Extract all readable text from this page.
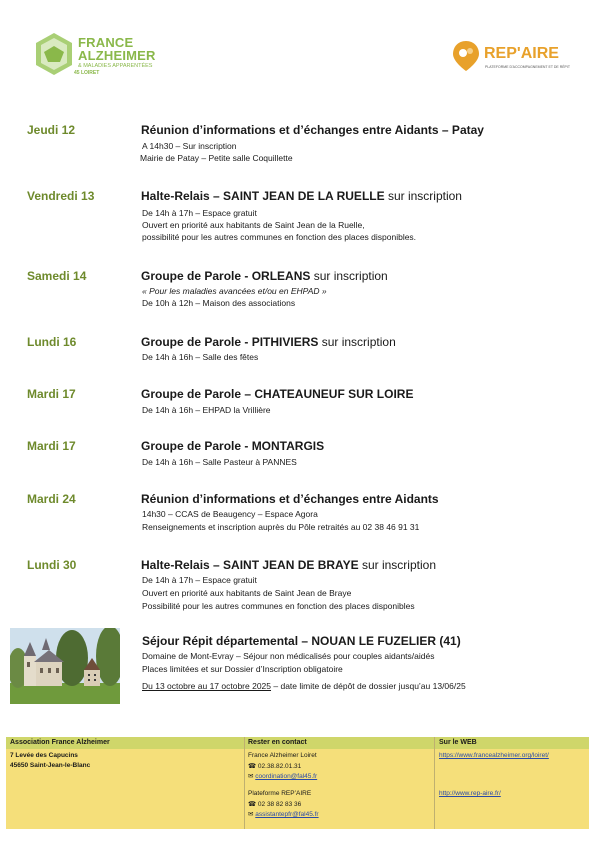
FRANCE
ALZHEIMER
& MALADIES APPARENTÉES
45 LOIRET
REP'AIRE
PLATEFORME D'ACCOMPAGNEMENT ET DE RÉPIT
Jeudi 12	Réunion d’informations et d’échanges entre Aidants – Patay
A 14h30 – Sur inscription
Mairie de Patay – Petite salle Coquillette
Vendredi 13	Halte-Relais – SAINT JEAN DE LA RUELLE sur inscription
De 14h à 17h – Espace gratuit
Ouvert en priorité aux habitants de Saint Jean de la Ruelle,
possibilité pour les autres communes en fonction des places disponibles.
Samedi 14	Groupe de Parole - ORLEANS sur inscription
« Pour les maladies avancées et/ou en EHPAD »
De 10h à 12h – Maison des associations
Lundi 16	Groupe de Parole - PITHIVIERS sur inscription
De 14h à 16h – Salle des fêtes
Mardi 17	Groupe de Parole – CHATEAUNEUF SUR LOIRE
De 14h à 16h – EHPAD la Vrillière
Mardi 17	Groupe de Parole - MONTARGIS
De 14h à 16h – Salle Pasteur à PANNES
Mardi 24	Réunion d’informations et d’échanges entre Aidants
14h30 – CCAS de Beaugency – Espace Agora
Renseignements et inscription auprès du Pôle retraités au 02 38 46 91 31
Lundi 30	Halte-Relais – SAINT JEAN DE BRAYE sur inscription
De 14h à 17h – Espace gratuit
Ouvert en priorité aux habitants de Saint Jean de Braye
Possibilité pour les autres communes en fonction des places disponibles
Séjour Répit départemental – NOUAN LE FUZELIER (41)
Domaine de Mont-Evray – Séjour non médicalisés pour couples aidants/aidés
Places limitées et sur Dossier d’Inscription obligatoire
Du 13 octobre au 17 octobre 2025 – date limite de dépôt de dossier jusqu’au 13/06/25
Association France Alzheimer
7 Levée des Capucins
45650 Saint-Jean-le-Blanc
Rester en contact
France Alzheimer Loiret
☎ 02.38.82.01.31
✉ coordination@fal45.fr
Plateforme REP’AIRE
☎ 02 38 82 83 36
✉ assistantepfr@fal45.fr
Sur le WEB
https://www.francealzheimer.org/loiret/
http://www.rep-aire.fr/
